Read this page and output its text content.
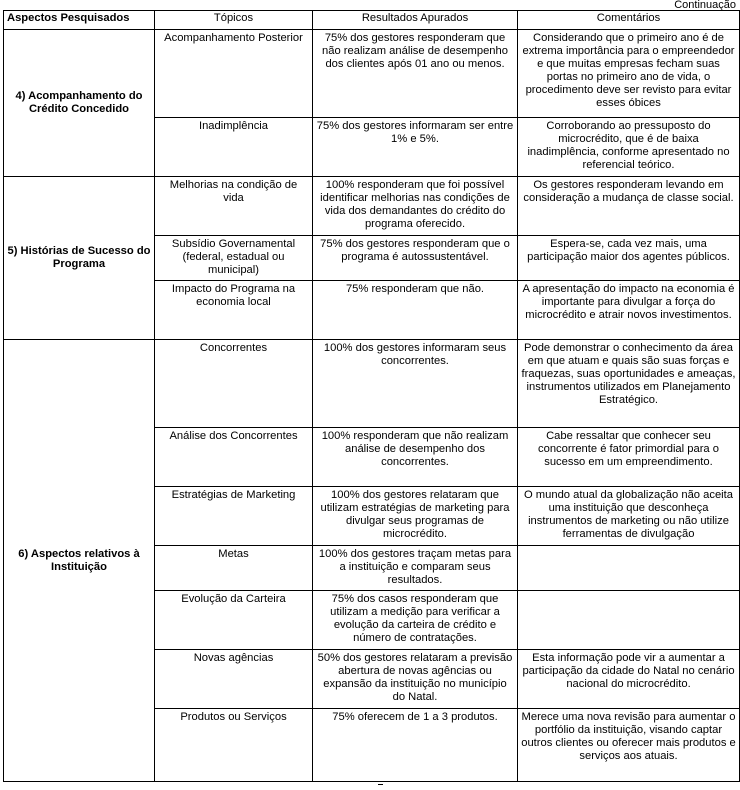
Continuação
Aspectos Pesquisados	Tópicos	Resultados Apurados	Comentários
4) Acompanhamento do Crédito Concedido	Acompanhamento Posterior	75% dos gestores responderam que não realizam análise de desempenho dos clientes após 01 ano ou menos.	Considerando que o primeiro ano é de extrema importância para o empreendedor e que muitas empresas fecham suas portas no primeiro ano de vida, o procedimento deve ser revisto para evitar esses óbices
	Inadimplência	75% dos gestores informaram ser entre 1% e 5%.	Corroborando ao pressuposto do microcrédito, que é de baixa inadimplência, conforme apresentado no referencial teórico.
5) Histórias de Sucesso do Programa	Melhorias na condição de vida	100% responderam que foi possível identificar melhorias nas condições de vida dos demandantes do crédito do programa oferecido.	Os gestores responderam levando em consideração a mudança de classe social.
	Subsídio Governamental (federal, estadual ou municipal)	75% dos gestores responderam que o programa é autossustentável.	Espera-se, cada vez mais, uma participação maior dos agentes públicos.
	Impacto do Programa na economia local	75% responderam que não.	A apresentação do impacto na economia é importante para divulgar a força do microcrédito e atrair novos investimentos.
6) Aspectos relativos à Instituição	Concorrentes	100% dos gestores informaram seus concorrentes.	Pode demonstrar o conhecimento da área em que atuam e quais são suas forças e fraquezas, suas oportunidades e ameaças, instrumentos utilizados em Planejamento Estratégico.
	Análise dos Concorrentes	100% responderam que não realizam análise de desempenho dos concorrentes.	Cabe ressaltar que conhecer seu concorrente é fator primordial para o sucesso em um empreendimento.
	Estratégias de Marketing	100% dos gestores relataram que utilizam estratégias de marketing para divulgar seus programas de microcrédito.	O mundo atual da globalização não aceita uma instituição que desconheça instrumentos de marketing ou não utilize ferramentas de divulgação
	Metas	100% dos gestores traçam metas para a instituição e comparam seus resultados.	
	Evolução da Carteira	75% dos casos responderam que utilizam a medição para verificar a evolução da carteira de crédito e número de contratações.	
	Novas agências	50% dos gestores relataram a previsão abertura de novas agências ou expansão da instituição no município do Natal.	Esta informação pode vir a aumentar a participação da cidade do Natal no cenário nacional do microcrédito.
	Produtos ou Serviços	75% oferecem de 1 a 3 produtos.	Merece uma nova revisão para aumentar o portfólio da instituição, visando captar outros clientes ou oferecer mais produtos e serviços aos atuais.
